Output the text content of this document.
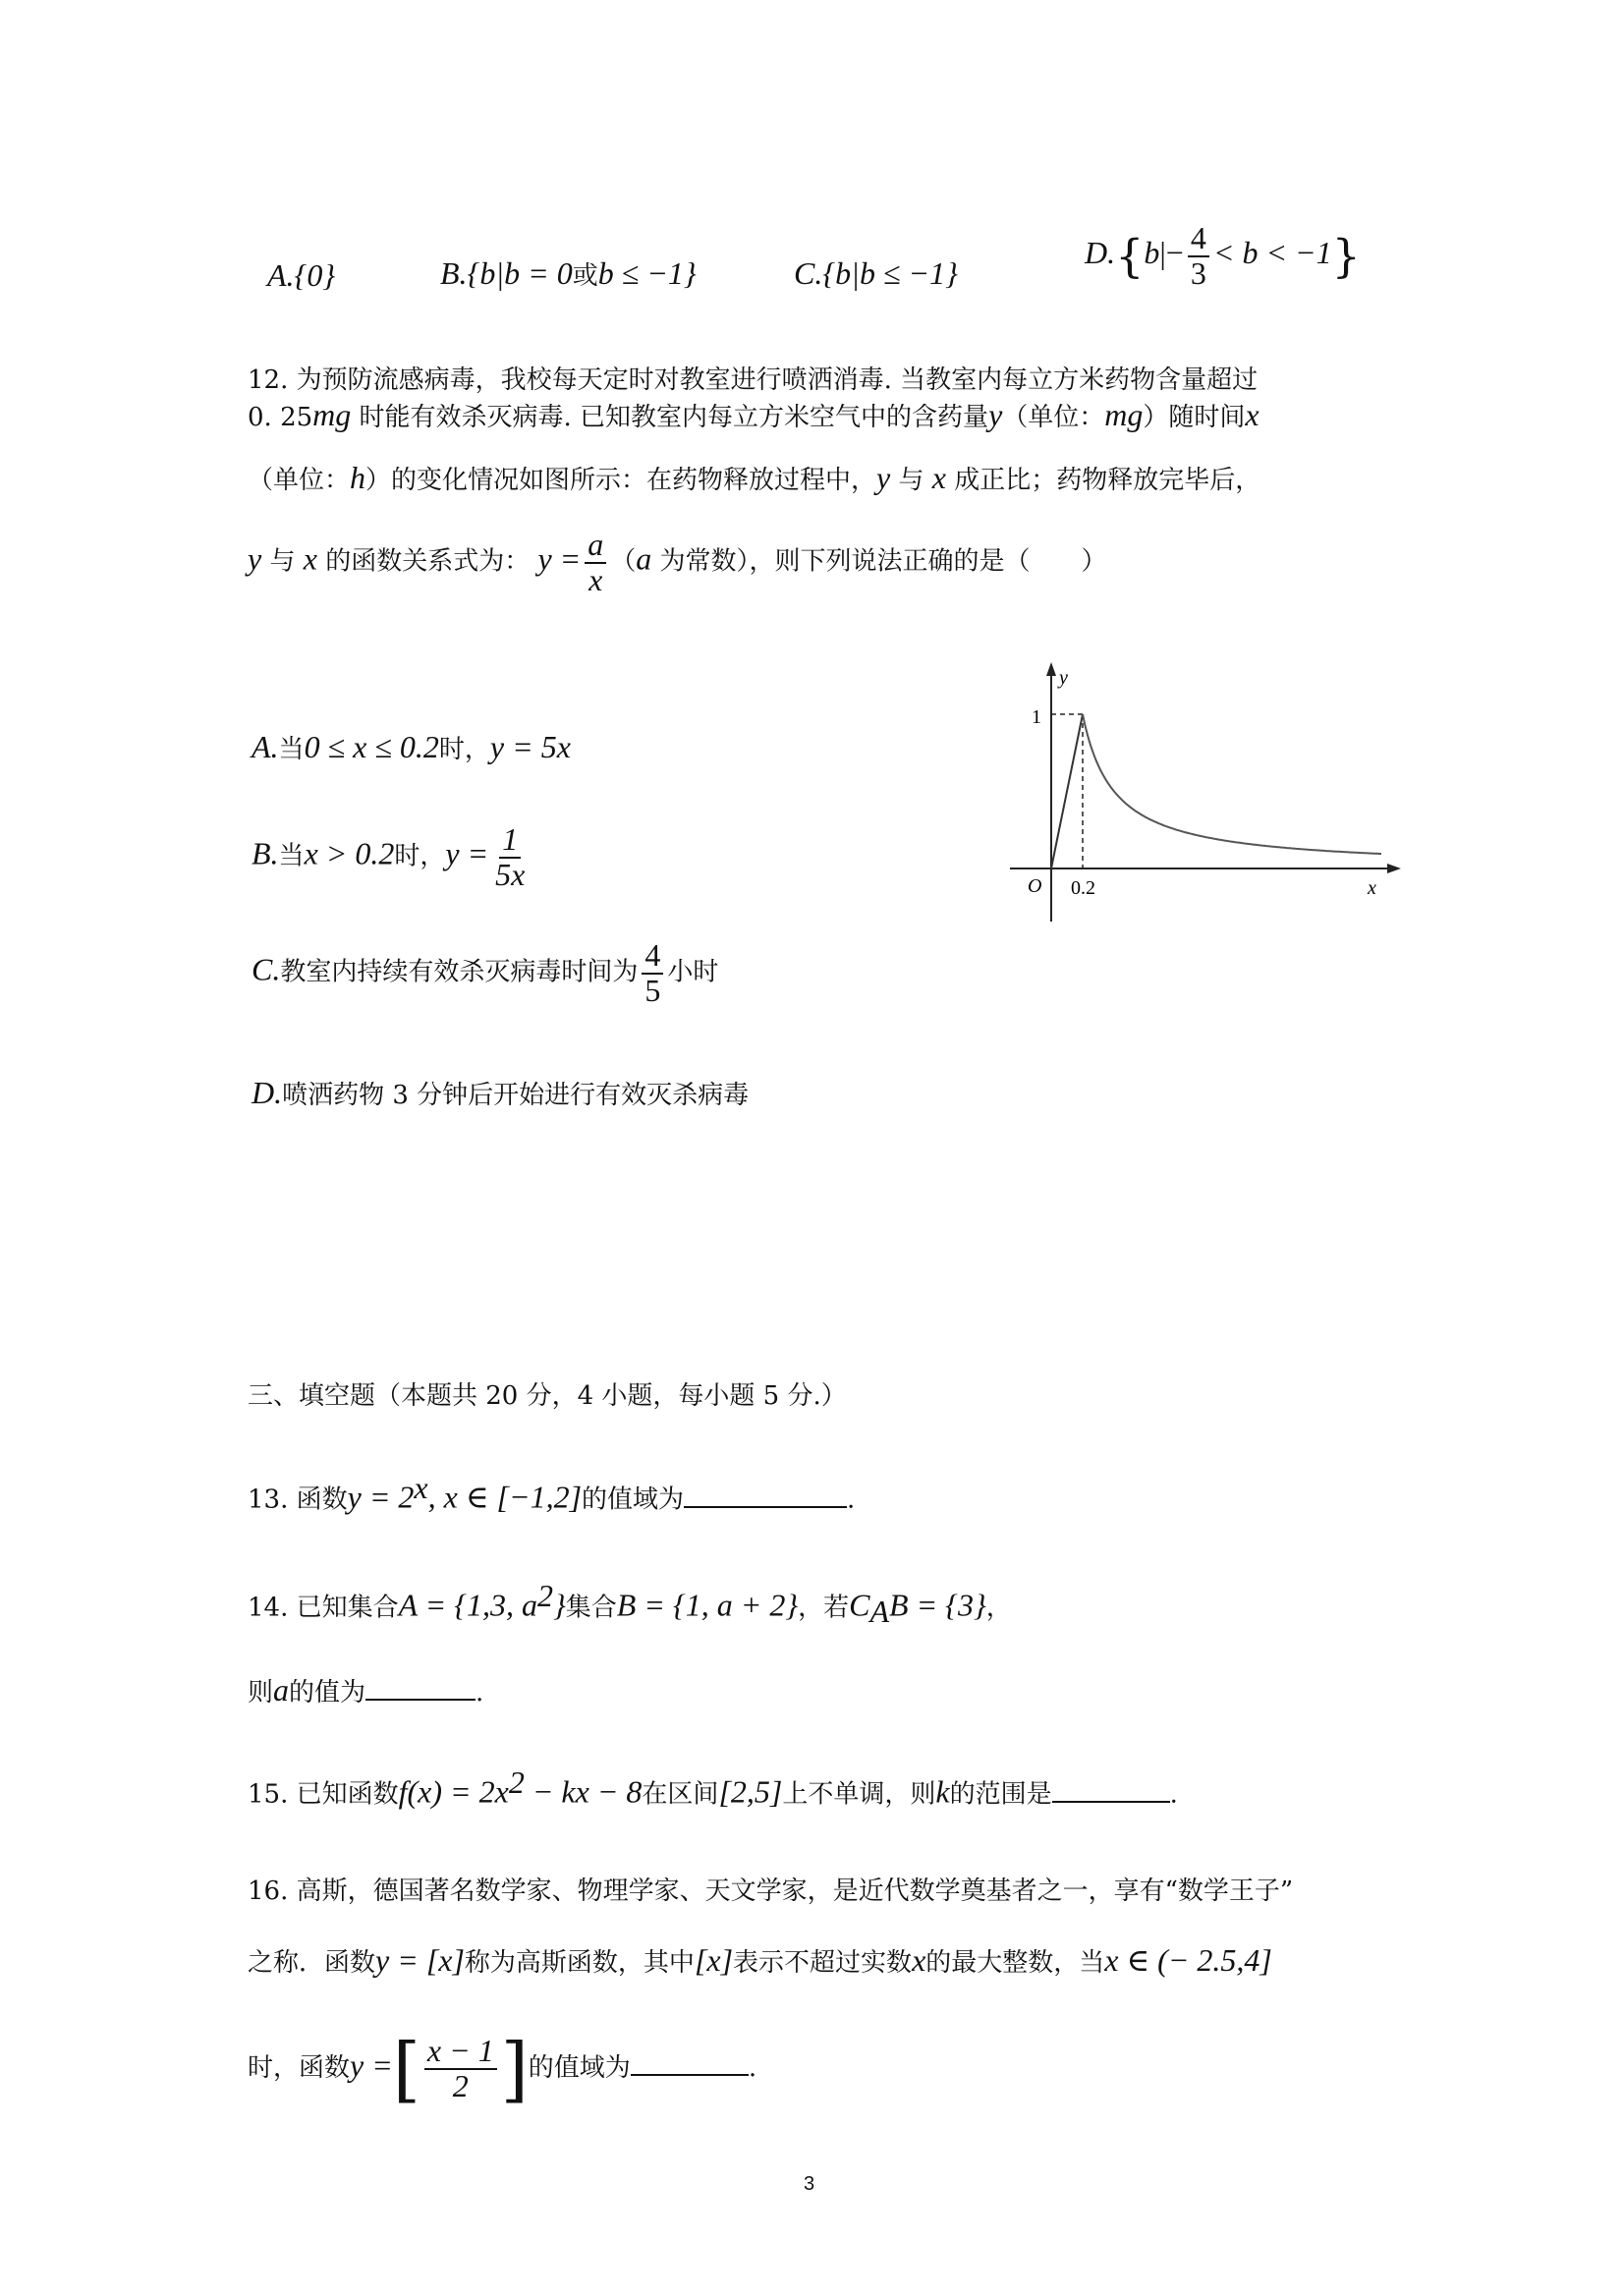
A.{0}	B.{b|b = 0或b ≤ −1}	C.{b|b ≤ −1}
$D.\{b|- \frac{4}{3} < b < -1\}$
12. 为预防流感病毒，我校每天定时对教室进行喷洒消毒. 当教室内每立方米药物含量超过
0. 25mg 时能有效杀灭病毒. 已知教室内每立方米空气中的含药量y（单位：mg）随时间x
（单位：h）的变化情况如图所示：在药物释放过程中，y 与 x 成正比；药物释放完毕后，
y 与 x 的函数关系式为： $y = \frac{a}{x} (a$ 为常数），则下列说法正确的是（　　）
A.当0 ≤ x ≤ 0.2时，y = 5x
B.当x > 0.2时，$y = \frac{1}{5x}$
C.教室内持续有效杀灭病毒时间为 $\frac{4}{5}$ 小时
D.喷洒药物 3 分钟后开始进行有效灭杀病毒
y
x
O
1
0.2
三、填空题（本题共 20 分，4 小题，每小题 5 分.）
13. 函数$y = 2^x$, x ∈ [−1,2]的值域为	.
14. 已知集合A = {1,3, $a^2$}集合B = {1, a + 2}，若$C_AB = \{3\}$，
则a的值为	.
15. 已知函数$f(x) = 2x^2$ − kx − 8在区间[2,5]上不单调，则k的范围是	.
16. 高斯，德国著名数学家、物理学家、天文学家，是近代数学奠基者之一，享有“数学王子”
之称．函数y = [x]称为高斯函数，其中[x]表示不超过实数x的最大整数，当x ∈ (− 2.5,4]
时，函数y =[ $\frac{x - 1}{2}$ ]的值域为	.
3
